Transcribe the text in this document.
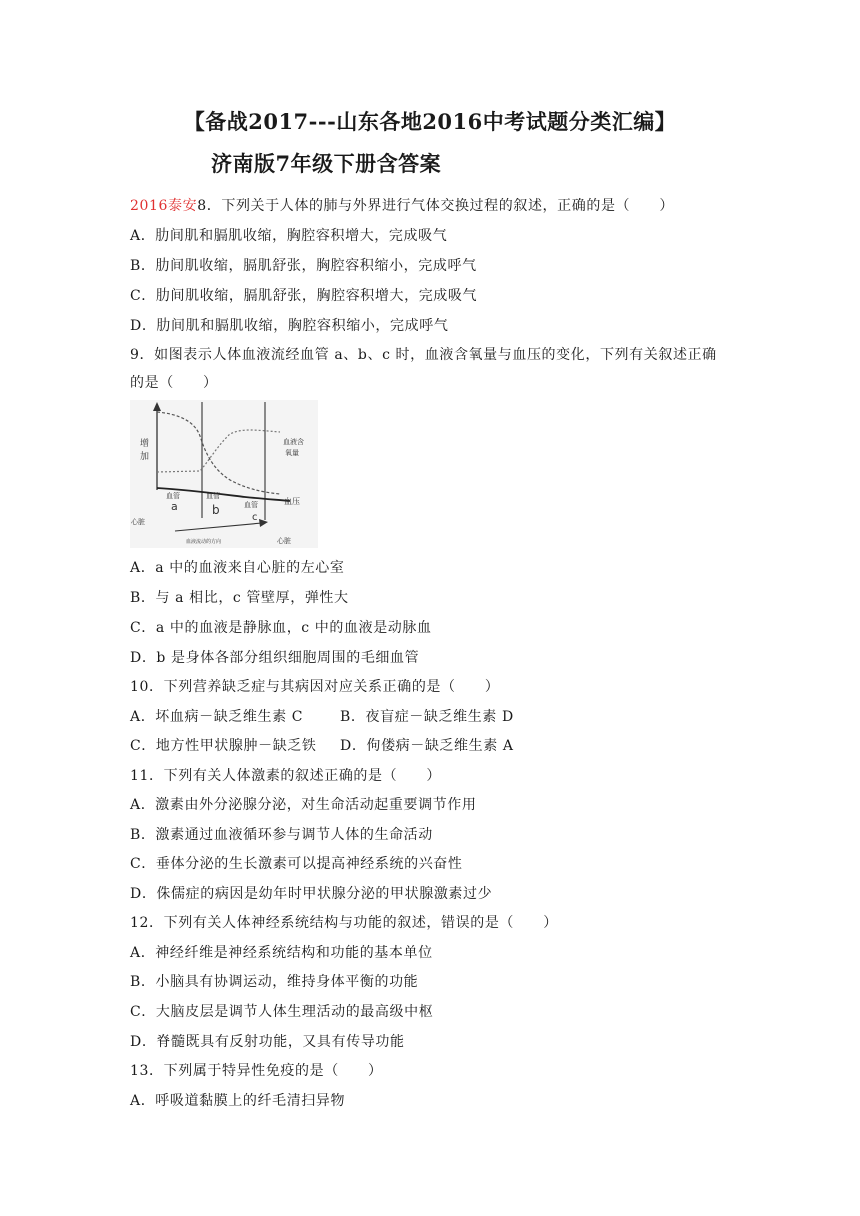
【备战2017---山东各地2016中考试题分类汇编】
济南版7年级下册含答案
2016泰安8．下列关于人体的肺与外界进行气体交换过程的叙述，正确的是（　　）
A．肋间肌和膈肌收缩，胸腔容积增大，完成吸气
B．肋间肌收缩，膈肌舒张，胸腔容积缩小，完成呼气
C．肋间肌收缩，膈肌舒张，胸腔容积增大，完成吸气
D．肋间肌和膈肌收缩，胸腔容积缩小，完成呼气
9．如图表示人体血液流经血管 a、b、c 时，血液含氧量与血压的变化，下列有关叙述正确
的是（　　）
增
加
血液含
氧量
血压
血管
a
血管
b	血管
c
心脏
心脏
血液流动的方向
A．a 中的血液来自心脏的左心室
B．与 a 相比，c 管壁厚，弹性大
C．a 中的血液是静脉血，c 中的血液是动脉血
D．b 是身体各部分组织细胞周围的毛细血管
10．下列营养缺乏症与其病因对应关系正确的是（　　）
A．坏血病－缺乏维生素 C	B．夜盲症－缺乏维生素 D
C．地方性甲状腺肿－缺乏铁 D．佝偻病－缺乏维生素 A
11．下列有关人体激素的叙述正确的是（　　）
A．激素由外分泌腺分泌，对生命活动起重要调节作用
B．激素通过血液循环参与调节人体的生命活动
C．垂体分泌的生长激素可以提高神经系统的兴奋性
D．侏儒症的病因是幼年时甲状腺分泌的甲状腺激素过少
12．下列有关人体神经系统结构与功能的叙述，错误的是（　　）
A．神经纤维是神经系统结构和功能的基本单位
B．小脑具有协调运动，维持身体平衡的功能
C．大脑皮层是调节人体生理活动的最高级中枢
D．脊髓既具有反射功能，又具有传导功能
13．下列属于特异性免疫的是（　　）
A．呼吸道黏膜上的纤毛清扫异物
